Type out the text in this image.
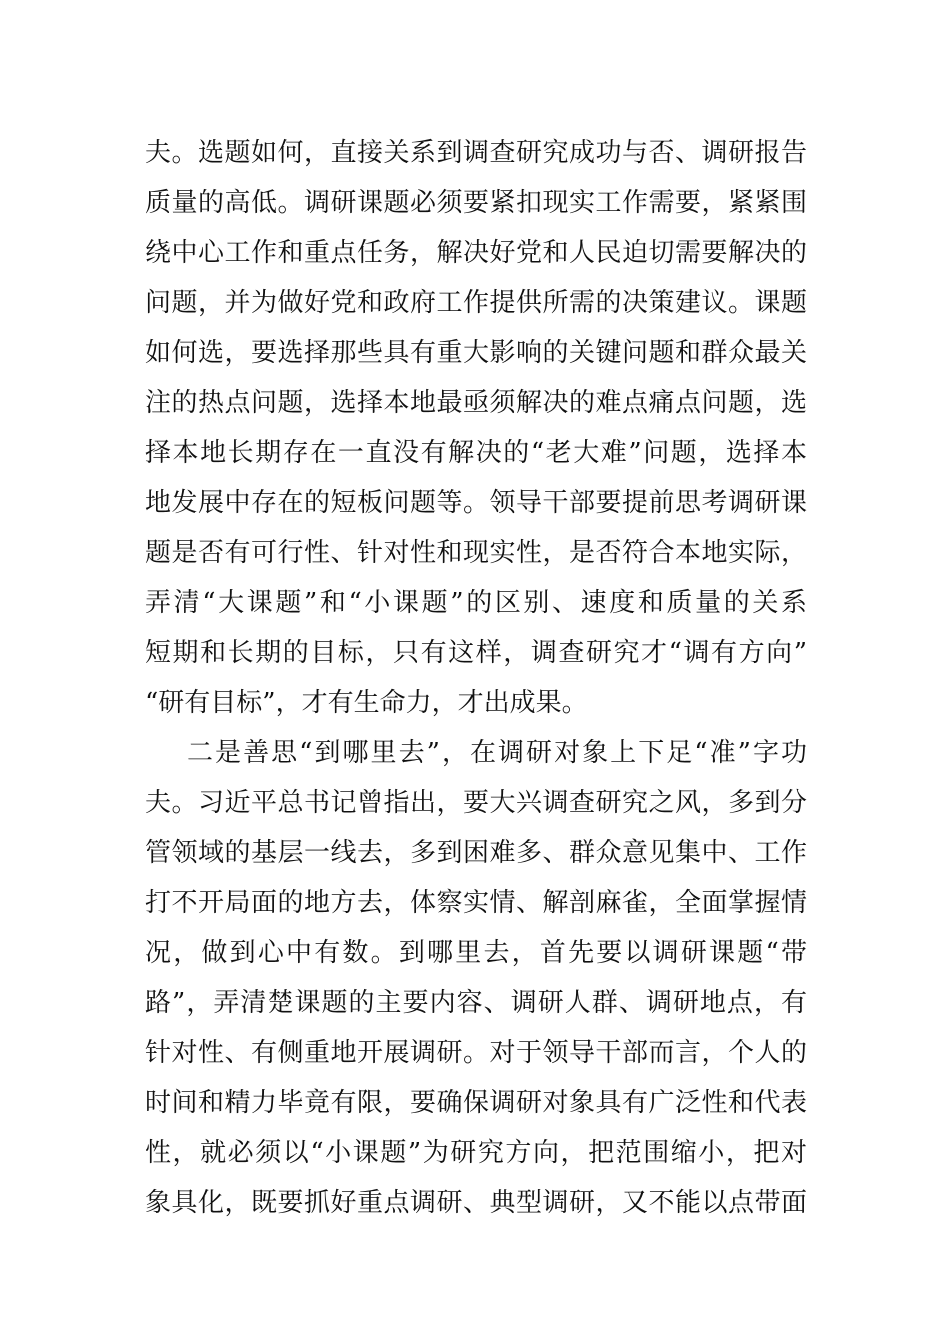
夫。选题如何，直接关系到调查研究成功与否、调研报告
质量的高低。调研课题必须要紧扣现实工作需要，紧紧围
绕中心工作和重点任务，解决好党和人民迫切需要解决的
问题，并为做好党和政府工作提供所需的决策建议。课题
如何选，要选择那些具有重大影响的关键问题和群众最关
注的热点问题，选择本地最亟须解决的难点痛点问题，选
择本地长期存在一直没有解决的“老大难”问题，选择本
地发展中存在的短板问题等。领导干部要提前思考调研课
题是否有可行性、针对性和现实性，是否符合本地实际，
弄清“大课题”和“小课题”的区别、速度和质量的关系
短期和长期的目标，只有这样，调查研究才“调有方向”
“研有目标”，才有生命力，才出成果。
二是善思“到哪里去”，在调研对象上下足“准”字功
夫。习近平总书记曾指出，要大兴调查研究之风，多到分
管领域的基层一线去，多到困难多、群众意见集中、工作
打不开局面的地方去，体察实情、解剖麻雀，全面掌握情
况，做到心中有数。到哪里去，首先要以调研课题“带
路”，弄清楚课题的主要内容、调研人群、调研地点，有
针对性、有侧重地开展调研。对于领导干部而言，个人的
时间和精力毕竟有限，要确保调研对象具有广泛性和代表
性，就必须以“小课题”为研究方向，把范围缩小，把对
象具化，既要抓好重点调研、典型调研，又不能以点带面
